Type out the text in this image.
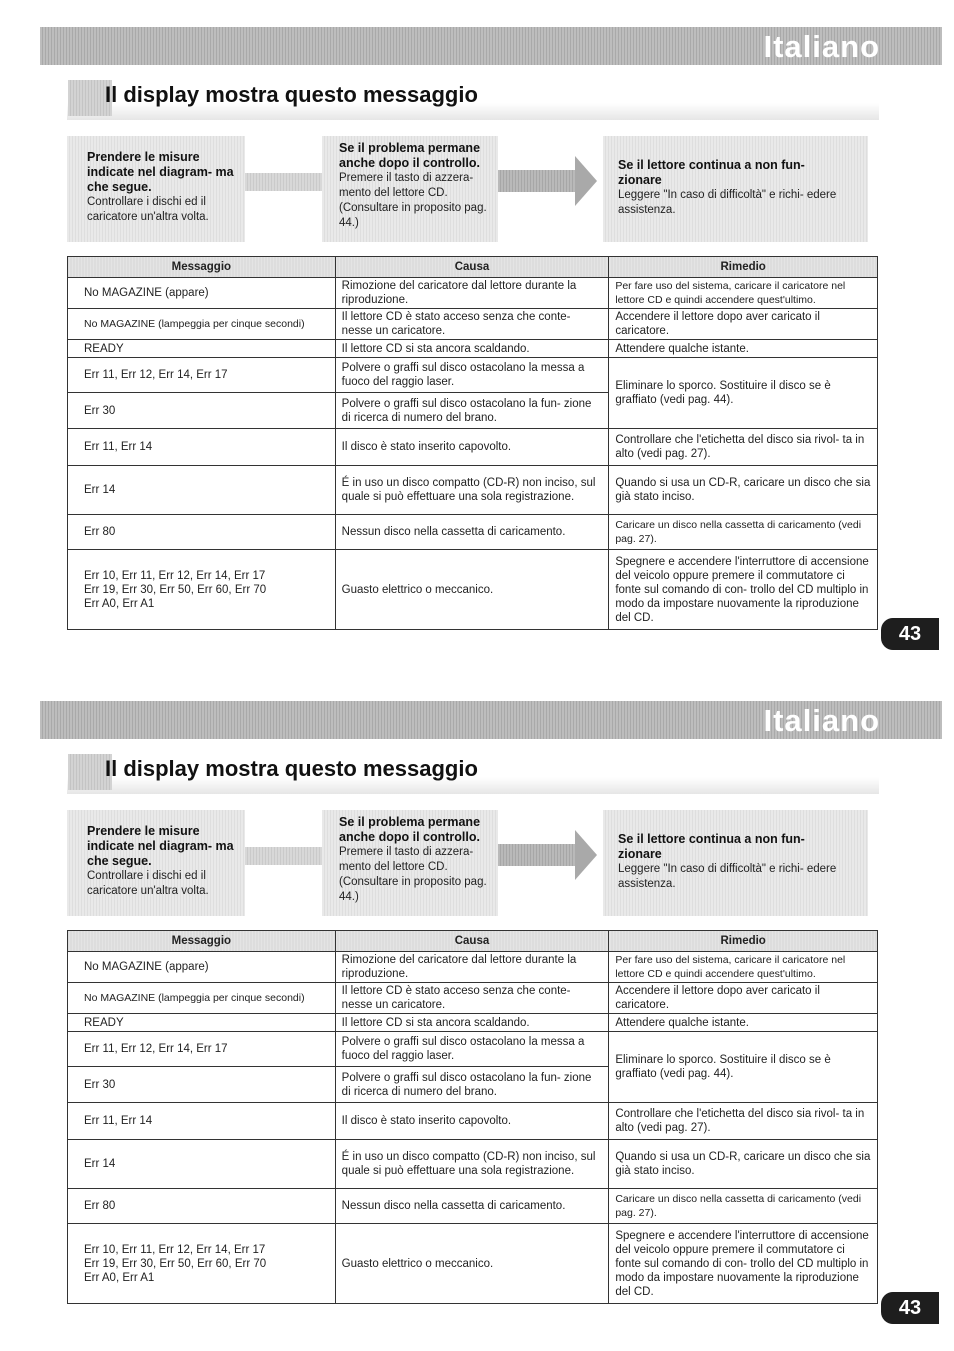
Italiano
Il display mostra questo messaggio
Prendere le misure indicate nel diagram- ma che segue.
Controllare i dischi ed il caricatore un'altra volta.
Se il problema permane anche dopo il controllo.
Premere il tasto di azzera- mento del lettore CD. (Consultare in proposito pag. 44.)
Se il lettore continua a non fun- zionare
Leggere "In caso di difficoltà" e richi- edere assistenza.
Messaggio	Causa	Rimedio
No MAGAZINE (appare)	Rimozione del caricatore dal lettore durante la riproduzione.	Per fare uso del sistema, caricare il caricatore nel lettore CD e quindi accendere quest'ultimo.
No MAGAZINE (lampeggia per cinque secondi)	Il lettore CD è stato acceso senza che conte- nesse un caricatore.	Accendere il lettore dopo aver caricato il caricatore.
READY	Il lettore CD si sta ancora scaldando.	Attendere qualche istante.
Err 11, Err 12, Err 14, Err 17	Polvere o graffi sul disco ostacolano la messa a fuoco del raggio laser.	Eliminare lo sporco. Sostituire il disco se è graffiato (vedi pag. 44).
Err 30	Polvere o graffi sul disco ostacolano la fun- zione di ricerca di numero del brano.	
Err 11, Err 14	Il disco è stato inserito capovolto.	Controllare che l'etichetta del disco sia rivol- ta in alto (vedi pag. 27).
Err 14	É in uso un disco compatto (CD-R) non inciso, sul quale si può effettuare una sola registrazione.	Quando si usa un CD-R, caricare un disco che sia già stato inciso.
Err 80	Nessun disco nella cassetta di caricamento.	Caricare un disco nella cassetta di caricamento (vedi pag. 27).
Err 10, Err 11, Err 12, Err 14, Err 17
Err 19, Err 30, Err 50, Err 60, Err 70
Err A0, Err A1	Guasto elettrico o meccanico.	Spegnere e accendere l'interruttore di accensione del veicolo oppure premere il commutatore ci fonte sul comando di con- trollo del CD multiplo in modo da impostare nuovamente la riproduzione del CD.
43
Italiano
Il display mostra questo messaggio
Prendere le misure indicate nel diagram- ma che segue.
Controllare i dischi ed il caricatore un'altra volta.
Se il problema permane anche dopo il controllo.
Premere il tasto di azzera- mento del lettore CD. (Consultare in proposito pag. 44.)
Se il lettore continua a non fun- zionare
Leggere "In caso di difficoltà" e richi- edere assistenza.
Messaggio	Causa	Rimedio
No MAGAZINE (appare)	Rimozione del caricatore dal lettore durante la riproduzione.	Per fare uso del sistema, caricare il caricatore nel lettore CD e quindi accendere quest'ultimo.
No MAGAZINE (lampeggia per cinque secondi)	Il lettore CD è stato acceso senza che conte- nesse un caricatore.	Accendere il lettore dopo aver caricato il caricatore.
READY	Il lettore CD si sta ancora scaldando.	Attendere qualche istante.
Err 11, Err 12, Err 14, Err 17	Polvere o graffi sul disco ostacolano la messa a fuoco del raggio laser.	Eliminare lo sporco. Sostituire il disco se è graffiato (vedi pag. 44).
Err 30	Polvere o graffi sul disco ostacolano la fun- zione di ricerca di numero del brano.	
Err 11, Err 14	Il disco è stato inserito capovolto.	Controllare che l'etichetta del disco sia rivol- ta in alto (vedi pag. 27).
Err 14	É in uso un disco compatto (CD-R) non inciso, sul quale si può effettuare una sola registrazione.	Quando si usa un CD-R, caricare un disco che sia già stato inciso.
Err 80	Nessun disco nella cassetta di caricamento.	Caricare un disco nella cassetta di caricamento (vedi pag. 27).
Err 10, Err 11, Err 12, Err 14, Err 17
Err 19, Err 30, Err 50, Err 60, Err 70
Err A0, Err A1	Guasto elettrico o meccanico.	Spegnere e accendere l'interruttore di accensione del veicolo oppure premere il commutatore ci fonte sul comando di con- trollo del CD multiplo in modo da impostare nuovamente la riproduzione del CD.
43
